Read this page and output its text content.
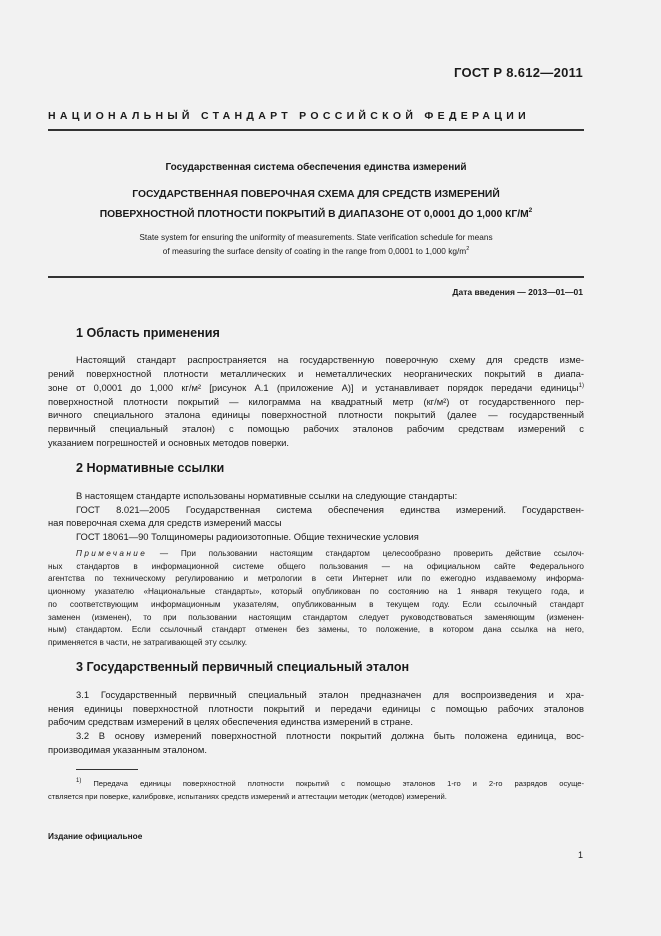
ГОСТ Р 8.612—2011
НАЦИОНАЛЬНЫЙ СТАНДАРТ РОССИЙСКОЙ ФЕДЕРАЦИИ
Государственная система обеспечения единства измерений
ГОСУДАРСТВЕННАЯ ПОВЕРОЧНАЯ СХЕМА ДЛЯ СРЕДСТВ ИЗМЕРЕНИЙ
ПОВЕРХНОСТНОЙ ПЛОТНОСТИ ПОКРЫТИЙ В ДИАПАЗОНЕ ОТ 0,0001 ДО 1,000 $КГ/М^2$
State system for ensuring the uniformity of measurements. State verification schedule for means
of measuring the surface density of coating in the range from 0,0001 to 1,000 $kg/m^2$
Дата введения — 2013—01—01
1 Область применения
Настоящий стандарт распространяется на государственную поверочную схему для средств изме-
рений поверхностной плотности металлических и неметаллических неорганических покрытий в диапа-
зоне от 0,0001 до 1,000 кг/м² [рисунок А.1 (приложение А)] и устанавливает порядок передачи единицы$^{1)}$
поверхностной плотности покрытий — килограмма на квадратный метр (кг/м²) от государственного пер-
вичного специального эталона единицы поверхностной плотности покрытий (далее — государственный
первичный специальный эталон) с помощью рабочих эталонов рабочим средствам измерений с
указанием погрешностей и основных методов поверки.
2 Нормативные ссылки
В настоящем стандарте использованы нормативные ссылки на следующие стандарты:
ГОСТ 8.021—2005 Государственная система обеспечения единства измерений. Государствен-
ная поверочная схема для средств измерений массы
ГОСТ 18061—90 Толщиномеры радиоизотопные. Общие технические условия
Примечание — При пользовании настоящим стандартом целесообразно проверить действие ссылоч-
ных стандартов в информационной системе общего пользования — на официальном сайте Федерального
агентства по техническому регулированию и метрологии в сети Интернет или по ежегодно издаваемому информа-
ционному указателю «Национальные стандарты», который опубликован по состоянию на 1 января текущего года, и
по соответствующим информационным указателям, опубликованным в текущем году. Если ссылочный стандарт
заменен (изменен), то при пользовании настоящим стандартом следует руководствоваться заменяющим (изменен-
ным) стандартом. Если ссылочный стандарт отменен без замены, то положение, в котором дана ссылка на него,
применяется в части, не затрагивающей эту ссылку.
3 Государственный первичный специальный эталон
3.1 Государственный первичный специальный эталон предназначен для воспроизведения и хра-
нения единицы поверхностной плотности покрытий и передачи единицы с помощью рабочих эталонов
рабочим средствам измерений в целях обеспечения единства измерений в стране.
3.2 В основу измерений поверхностной плотности покрытий должна быть положена единица, вос-
производимая указанным эталоном.
$^{1)}$ Передача единицы поверхностной плотности покрытий с помощью эталонов 1-го и 2-го разрядов осуще-
ствляется при поверке, калибровке, испытаниях средств измерений и аттестации методик (методов) измерений.
Издание официальное
1
